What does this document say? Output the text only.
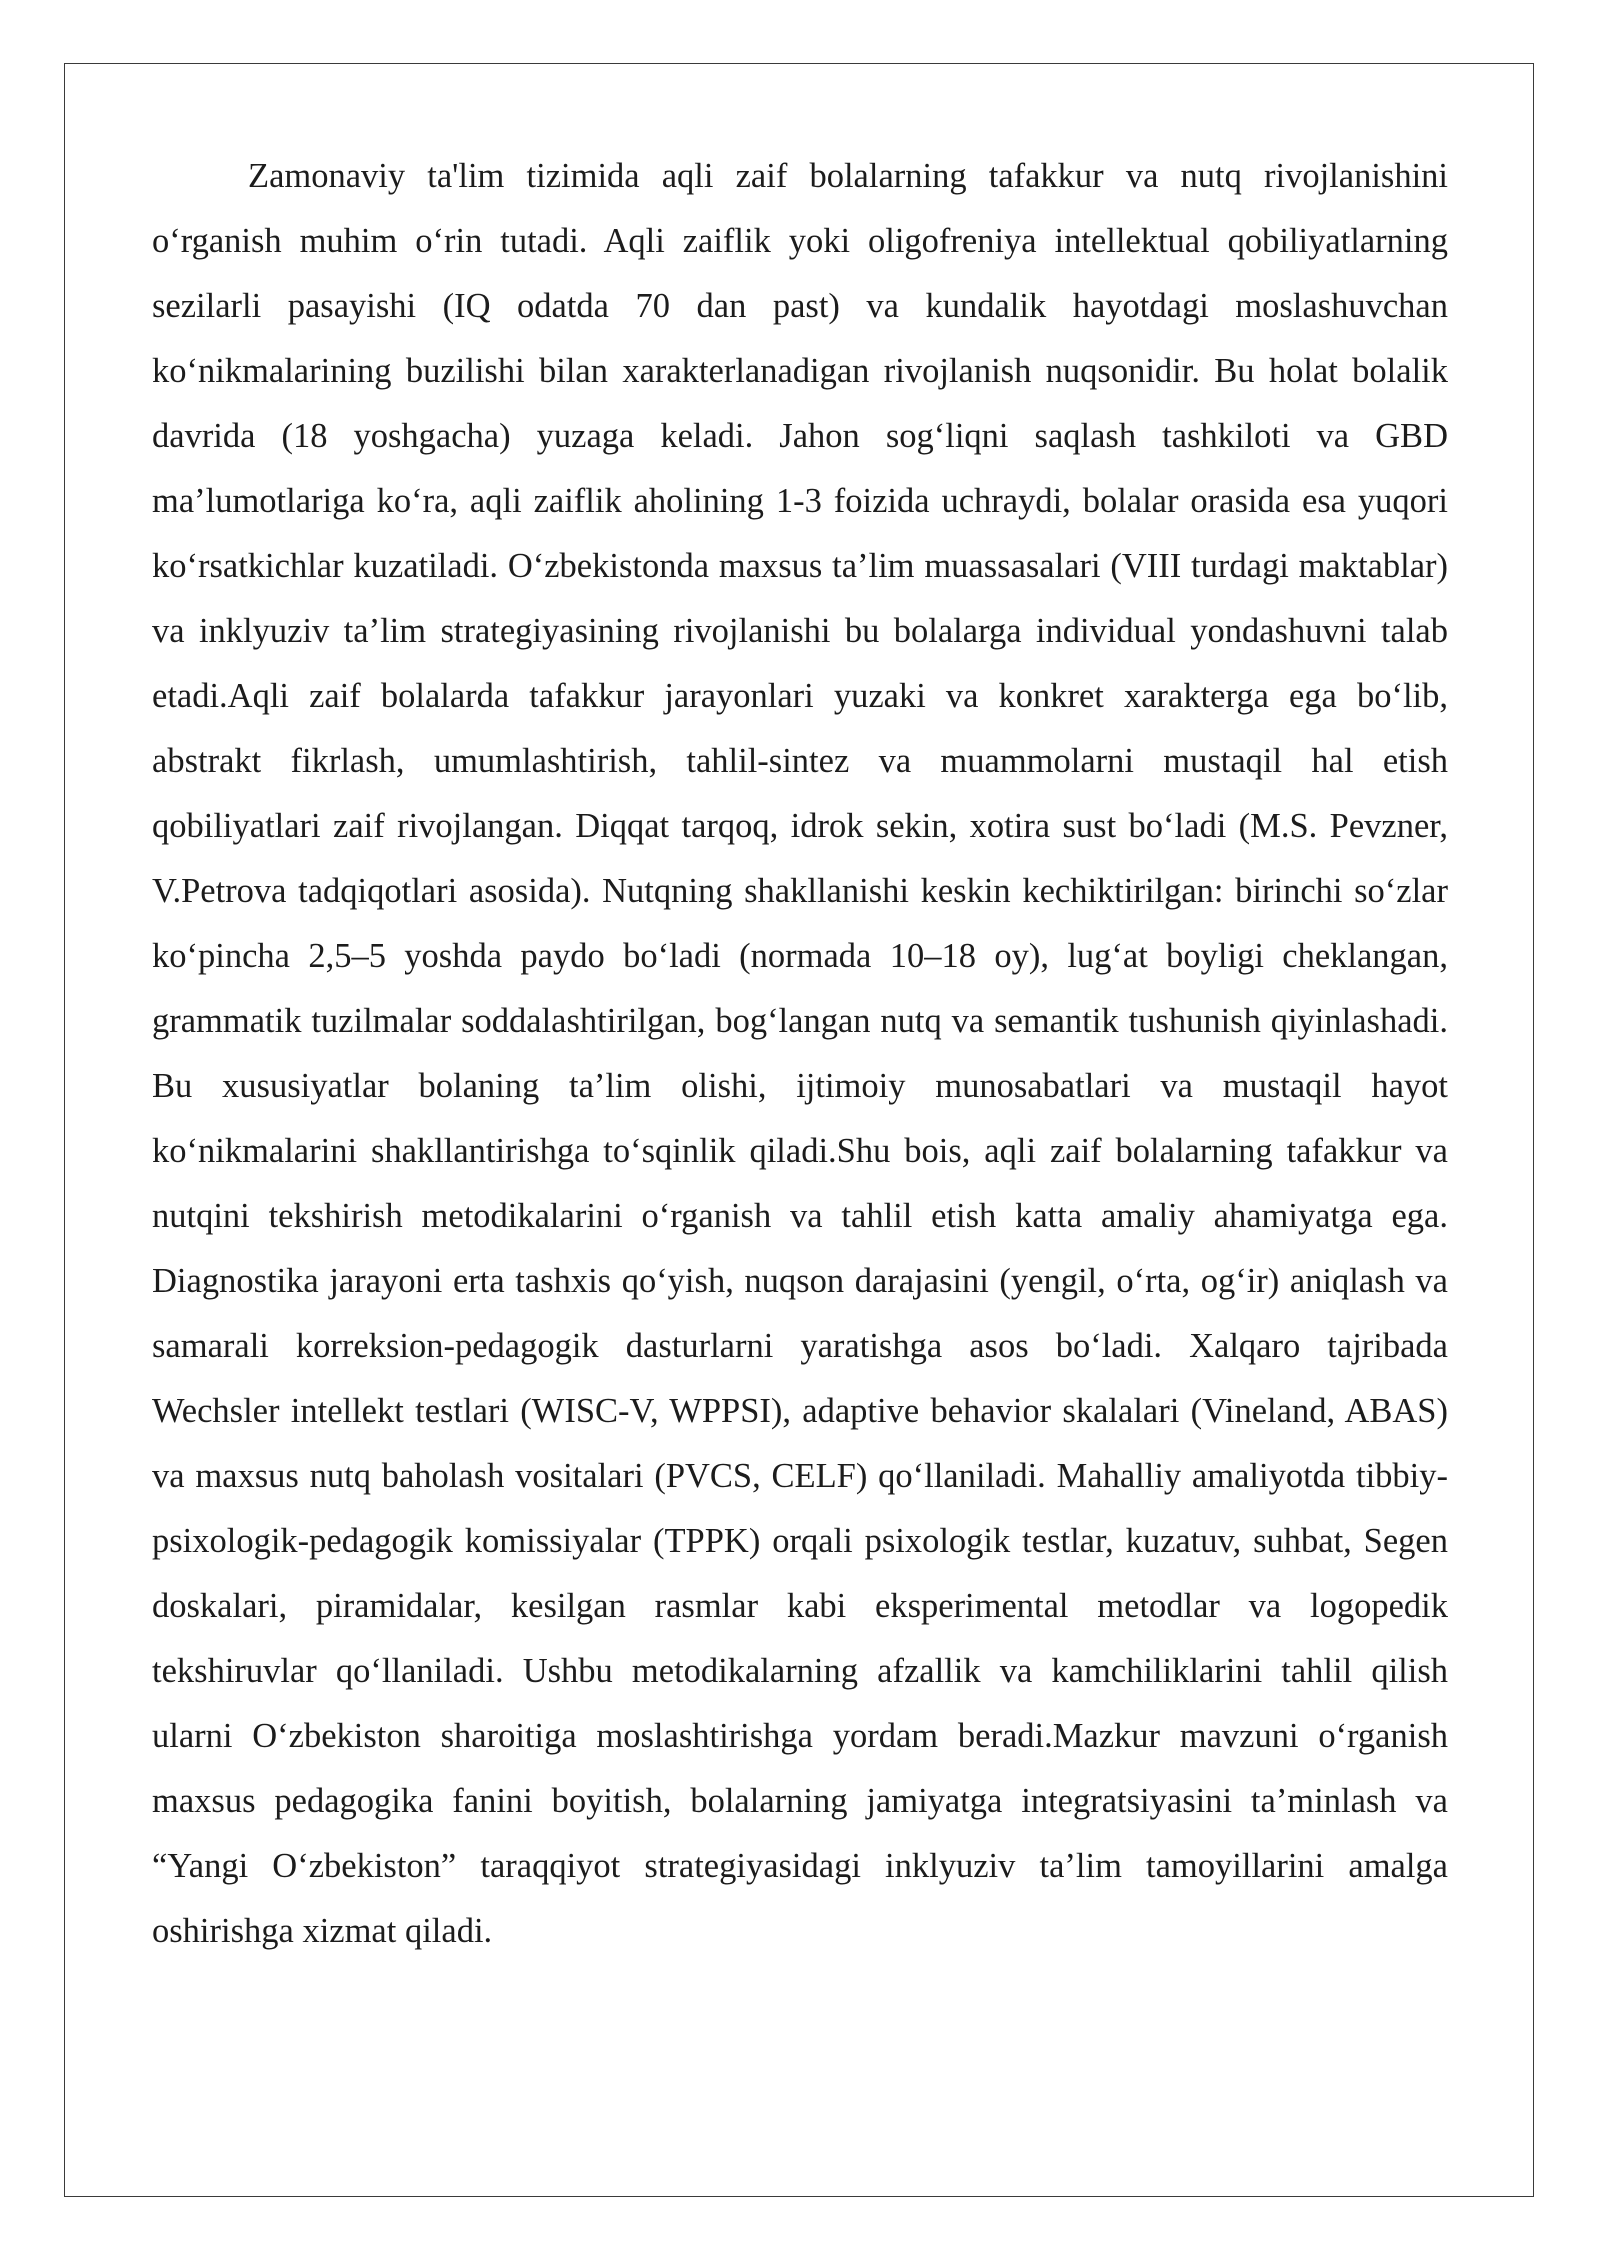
Zamonaviy ta'lim tizimida aqli zaif bolalarning tafakkur va nutq rivojlanishini o‘rganish muhim o‘rin tutadi. Aqli zaiflik yoki oligofreniya intellektual qobiliyatlarning sezilarli pasayishi (IQ odatda 70 dan past) va kundalik hayotdagi moslashuvchan ko‘nikmalarining buzilishi bilan xarakterlanadigan rivojlanish nuqsonidir. Bu holat bolalik davrida (18 yoshgacha) yuzaga keladi. Jahon sog‘liqni saqlash tashkiloti va GBD ma’lumotlariga ko‘ra, aqli zaiflik aholining 1-3 foizida uchraydi, bolalar orasida esa yuqori ko‘rsatkichlar kuzatiladi. O‘zbekistonda maxsus ta’lim muassasalari (VIII turdagi maktablar) va inklyuziv ta’lim strategiyasining rivojlanishi bu bolalarga individual yondashuvni talab etadi.Aqli zaif bolalarda tafakkur jarayonlari yuzaki va konkret xarakterga ega bo‘lib, abstrakt fikrlash, umumlashtirish, tahlil-sintez va muammolarni mustaqil hal etish qobiliyatlari zaif rivojlangan. Diqqat tarqoq, idrok sekin, xotira sust bo‘ladi (M.S. Pevzner, V.Petrova tadqiqotlari asosida). Nutqning shakllanishi keskin kechiktirilgan: birinchi so‘zlar ko‘pincha 2,5–5 yoshda paydo bo‘ladi (normada 10–18 oy), lug‘at boyligi cheklangan, grammatik tuzilmalar soddalashtirilgan, bog‘langan nutq va semantik tushunish qiyinlashadi. Bu xususiyatlar bolaning ta’lim olishi, ijtimoiy munosabatlari va mustaqil hayot ko‘nikmalarini shakllantirishga to‘sqinlik qiladi.Shu bois, aqli zaif bolalarning tafakkur va nutqini tekshirish metodikalarini o‘rganish va tahlil etish katta amaliy ahamiyatga ega. Diagnostika jarayoni erta tashxis qo‘yish, nuqson darajasini (yengil, o‘rta, og‘ir) aniqlash va samarali korreksion-pedagogik dasturlarni yaratishga asos bo‘ladi. Xalqaro tajribada Wechsler intellekt testlari (WISC-V, WPPSI), adaptive behavior skalalari (Vineland, ABAS) va maxsus nutq baholash vositalari (PVCS, CELF) qo‘llaniladi. Mahalliy amaliyotda tibbiy-psixologik-pedagogik komissiyalar (TPPK) orqali psixologik testlar, kuzatuv, suhbat, Segen doskalari, piramidalar, kesilgan rasmlar kabi eksperimental metodlar va logopedik tekshiruvlar qo‘llaniladi. Ushbu metodikalarning afzallik va kamchiliklarini tahlil qilish ularni O‘zbekiston sharoitiga moslashtirishga yordam beradi.Mazkur mavzuni o‘rganish maxsus pedagogika fanini boyitish, bolalarning jamiyatga integratsiyasini ta’minlash va “Yangi O‘zbekiston” taraqqiyot strategiyasidagi inklyuziv ta’lim tamoyillarini amalga oshirishga xizmat qiladi.
